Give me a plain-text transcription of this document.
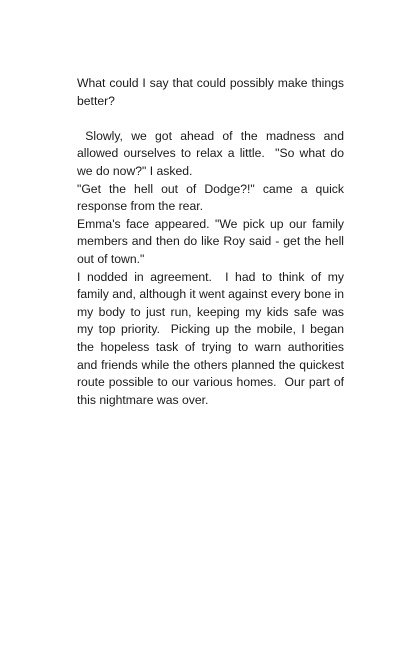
What could I say that could possibly make things better?

Slowly, we got ahead of the madness and allowed ourselves to relax a little.  "So what do we do now?" I asked.

"Get the hell out of Dodge?!" came a quick response from the rear.

Emma's face appeared. "We pick up our family members and then do like Roy said - get the hell out of town."

I nodded in agreement.  I had to think of my family and, although it went against every bone in my body to just run, keeping my kids safe was my top priority.  Picking up the mobile, I began the hopeless task of trying to warn authorities and friends while the others planned the quickest route possible to our various homes.  Our part of this nightmare was over.
